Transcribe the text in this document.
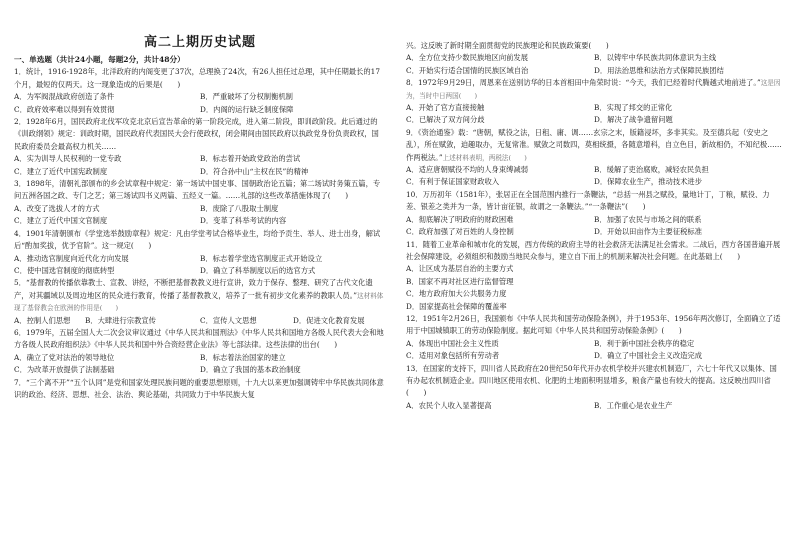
高二上期历史试题
一、单选题（共计24小题，每题2分，共计48分）

1．统计，1916-1928年，北洋政府的内阁变更了37次，总理换了24次，有26人担任过总理，其中任期最长的17个月，最短的仅两天。这一现象造成的后果是(　　)

A．为军阀混战政府创造了条件	B．严重破坏了分权制衡机制
C．政府效率难以得到有效贯彻	D．内阁的运行缺乏制度保障

2．1928年6月，国民政府北伐军攻克北京后宣告革命的第一阶段完成，进入第二阶段，即训政阶段。此后通过的《训政纲领》规定：训政时期，国民政府代表国民大会行使政权，闭会期间由国民政府以执政党身份负责政权，国民政府委员会最高权力机关……

A．实为训导人民权利的一党专政	B．标志着开始政党政治的尝试
C．建立了近代中国宪政制度	D．符合孙中山“主权在民”的精神

3．1898年，清朝礼部颁布的乡会试章程中规定：第一场试中国史事、国朝政治论五篇；第二场试时务策五篇，专问五洲各国之政、专门之艺；第三场试四书义两篇、五经义一篇。……礼部的这些改革措施体现了(　　)

A．改变了选拔人才的方式	B．废除了八股取士制度
C．建立了近代中国文官制度	D．变革了科举考试的内容

4．1901年清朝颁布《学堂选举鼓励章程》规定：凡由学堂考试合格毕业生，均给予贡生、举人、进士出身，解试后“酌加奖拔，优予官阶”。这一规定(　　)

A．推动选官制度向近代化方向发展	B．标志着学堂选官制度正式开始设立
C．使中国选官制度的彻底转型	D．确立了科举制度以后的选官方式

5．“基督教的传播依靠教士、宣教、讲经，不断把基督教教义进行宣讲，致力于保存、整理、研究了古代文化遗产，对其疆域以及周边地区的民众进行教育，传播了基督教教义，培养了一批有初步文化素养的教职人员。”这材料体现了基督教会在欧洲的作用是(　　)

A．控制人们思想　　B．大肆进行宗教宣传	C．宣传人文思想	D．促进文化教育发展

6．1979年，五届全国人大二次会议审议通过《中华人民共和国刑法》《中华人民共和国地方各级人民代表大会和地方各级人民政府组织法》《中华人民共和国中外合资经营企业法》等七部法律。这些法律的出台(　　)

A．确立了党对法治的领导地位	B．标志着法治国家的建立
C．为改革开放提供了法制基础	D．确立了我国的基本政治制度

7．“三个离不开”“五个认同”是党和国家处理民族问题的重要思想原则，十九大以来更加强调铸牢中华民族共同体意识的政治、经济、思想、社会、法治、舆论基础，共同致力于中华民族大复

兴。这反映了新时期全面贯彻党的民族理论和民族政策要(　　)

A．全方位支持少数民族地区向前发展	B．以铸牢中华民族共同体意识为主线
C．开始实行适合国情的民族区域自治	D．用法治思维和法治方式保障民族团结

8．1972年9月29日，周恩来在送别访华的日本首相田中角荣时说：“今天，我们已经着时代腾越式地前进了。”这是因为，当时中日两国(　　)

A．开始了官方直接接触	B．实现了邦交的正常化
C．已解决了双方间分歧	D．解决了战争遗留问题

9．《资治通鉴》载：“唐朝，赋役之法，日租、庸、调……玄宗之末，版籍浸坏，多非其实。及至德兵起（安史之乱），所在赋敛，迫趣取办，无复常准。赋敛之司数四，莫相统摄，各随意增科，自立色目，新故相仍，不知纪极……作两税法。”上述材料表明，两税法(　　)

A．适应唐朝赋役不均的人身束缚减弱	B．缓解了吏治腐败，减轻农民负担
C．有利于保证国家财政收入	D．保障农业生产，推动技术进步

10．万历初年（1581年），张居正在全国范围内推行一条鞭法，“总括一州县之赋役，量地计丁，丁粮，赋役、力差、银差之类并为一条，皆计亩征银，故谓之一条鞭法。”“一条鞭法”(　　)

A．彻底解决了明政府的财政困难	B．加强了农民与市场之间的联系
C．政府加强了对百姓的人身控制	D．开始以田亩作为主要征税标准

11．随着工业革命和城市化的发展，西方传统的政府主导的社会救济无法满足社会需求。二战后，西方各国普遍开展社会保障建设，必须组织和鼓励当地民众参与，建立自下而上的机制来解决社会问题。在此基础上(　　)

A．让区成为基层自治的主要方式
B．国家不再对社区进行监督管理
C．地方政府加大公共服务力度
D．国家提高社会保障的覆盖率

12．1951年2月26日，我国颁布《中华人民共和国劳动保险条例》，并于1953年、1956年两次修订，全面确立了适用于中国城镇职工的劳动保险制度。据此可知《中华人民共和国劳动保险条例》(　　)

A．体现出中国社会主义性质	B．利于新中国社会秩序的稳定
C．适用对象包括所有劳动者	D．确立了中国社会主义改造完成

13．在国家的支持下，四川省人民政府在20世纪50年代开办农机学校并兴建农机制造厂，六七十年代又以集体、国有办起农机制造企业。四川地区使用农机、化肥的土地面积明显增多，粮食产量也有较大的提高。这反映出四川省(　　)

A．农民个人收入显著提高	B．工作重心是农业生产
